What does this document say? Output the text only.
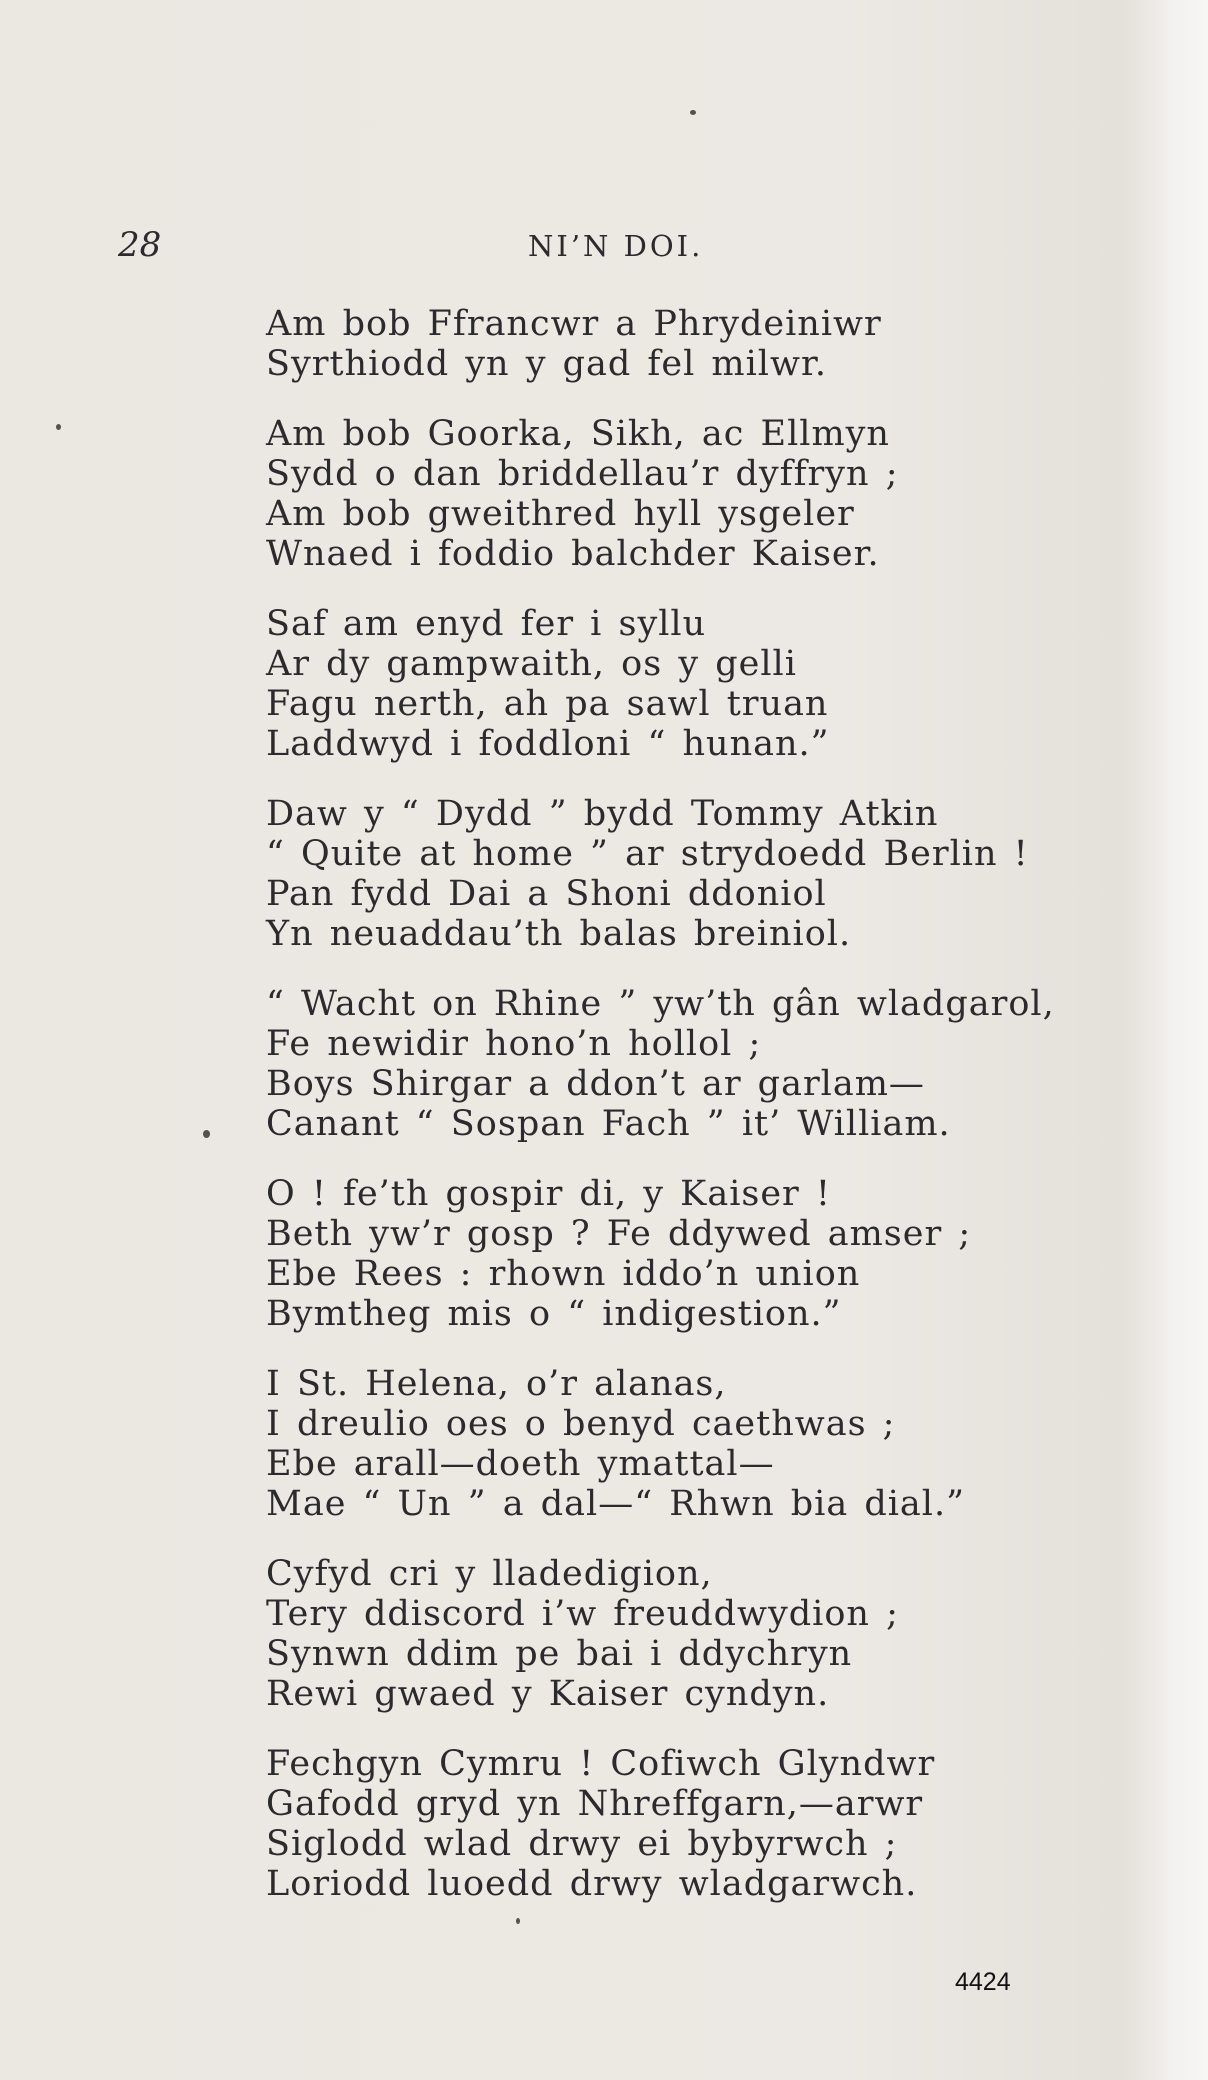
28	NI’N DOI.
Am bob Ffrancwr a Phrydeiniwr
Syrthiodd yn y gad fel milwr.
Am bob Goorka, Sikh, ac Ellmyn
Sydd o dan briddellau’r dyffryn ;
Am bob gweithred hyll ysgeler
Wnaed i foddio balchder Kaiser.
Saf am enyd fer i syllu
Ar dy gampwaith, os y gelli
Fagu nerth, ah pa sawl truan
Laddwyd i foddloni “ hunan.”
Daw y “ Dydd ” bydd Tommy Atkin
“ Quite at home ” ar strydoedd Berlin !
Pan fydd Dai a Shoni ddoniol
Yn neuaddau’th balas breiniol.
“ Wacht on Rhine ” yw’th gân wladgarol,
Fe newidir hono’n hollol ;
Boys Shirgar a ddon’t ar garlam—
Canant “ Sospan Fach ” it’ William.
O ! fe’th gospir di, y Kaiser !
Beth yw’r gosp ? Fe ddywed amser ;
Ebe Rees : rhown iddo’n union
Bymtheg mis o “ indigestion.”
I St. Helena, o’r alanas,
I dreulio oes o benyd caethwas ;
Ebe arall—doeth ymattal—
Mae “ Un ” a dal—“ Rhwn bia dial.”
Cyfyd cri y lladedigion,
Tery ddiscord i’w freuddwydion ;
Synwn ddim pe bai i ddychryn
Rewi gwaed y Kaiser cyndyn.
Fechgyn Cymru ! Cofiwch Glyndwr
Gafodd gryd yn Nhreffgarn,—arwr
Siglodd wlad drwy ei bybyrwch ;
Loriodd luoedd drwy wladgarwch.
4424
